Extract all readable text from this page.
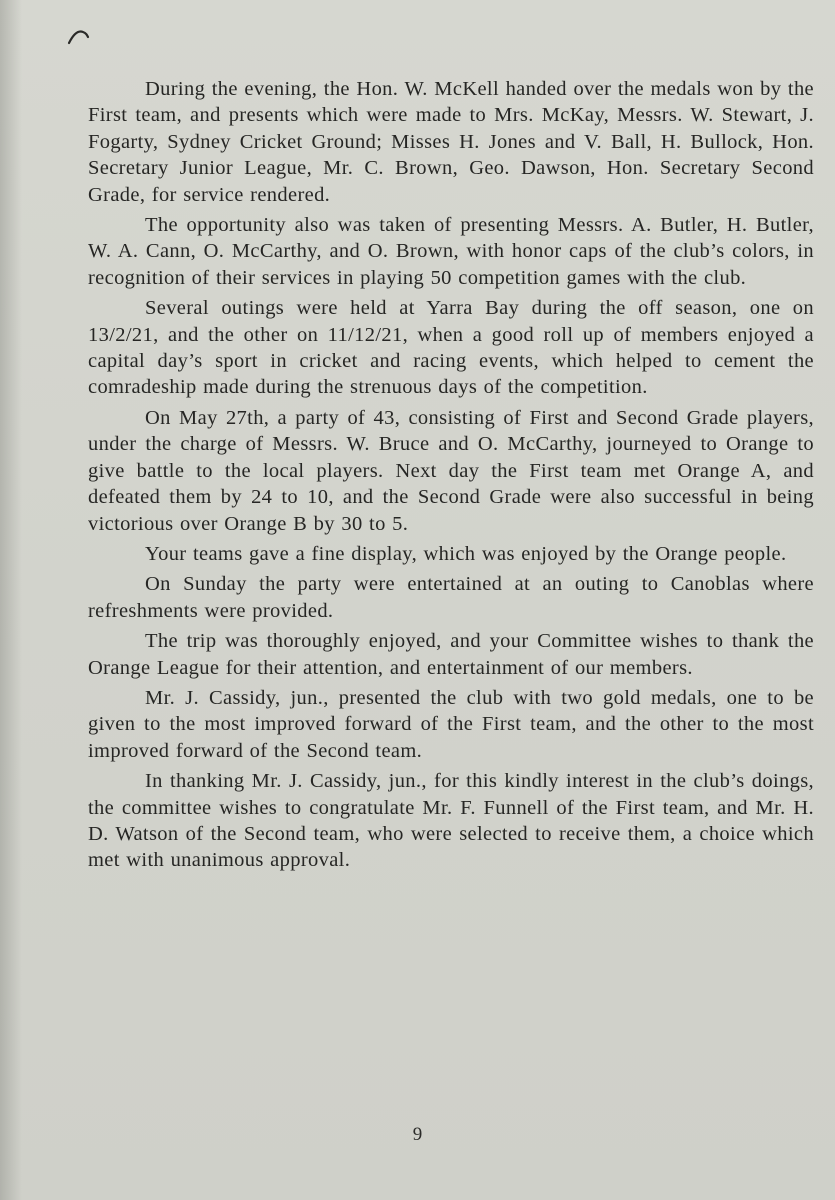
During the evening, the Hon. W. McKell handed over the medals won by the First team, and presents which were made to Mrs. McKay, Messrs. W. Stewart, J. Fogarty, Sydney Cricket Ground; Misses H. Jones and V. Ball, H. Bullock, Hon. Secretary Junior League, Mr. C. Brown, Geo. Dawson, Hon. Secretary Second Grade, for service rendered.

The opportunity also was taken of presenting Messrs. A. Butler, H. Butler, W. A. Cann, O. McCarthy, and O. Brown, with honor caps of the club’s colors, in recognition of their services in playing 50 competition games with the club.

Several outings were held at Yarra Bay during the off season, one on 13/2/21, and the other on 11/12/21, when a good roll up of members enjoyed a capital day’s sport in cricket and racing events, which helped to cement the comradeship made during the strenuous days of the competition.

On May 27th, a party of 43, consisting of First and Second Grade players, under the charge of Messrs. W. Bruce and O. McCarthy, journeyed to Orange to give battle to the local players. Next day the First team met Orange A, and defeated them by 24 to 10, and the Second Grade were also successful in being victorious over Orange B by 30 to 5.

Your teams gave a fine display, which was enjoyed by the Orange people.

On Sunday the party were entertained at an outing to Canoblas where refreshments were provided.

The trip was thoroughly enjoyed, and your Committee wishes to thank the Orange League for their attention, and entertainment of our members.

Mr. J. Cassidy, jun., presented the club with two gold medals, one to be given to the most improved forward of the First team, and the other to the most improved forward of the Second team.

In thanking Mr. J. Cassidy, jun., for this kindly interest in the club’s doings, the committee wishes to congratulate Mr. F. Funnell of the First team, and Mr. H. D. Watson of the Second team, who were selected to receive them, a choice which met with unanimous approval.

9
